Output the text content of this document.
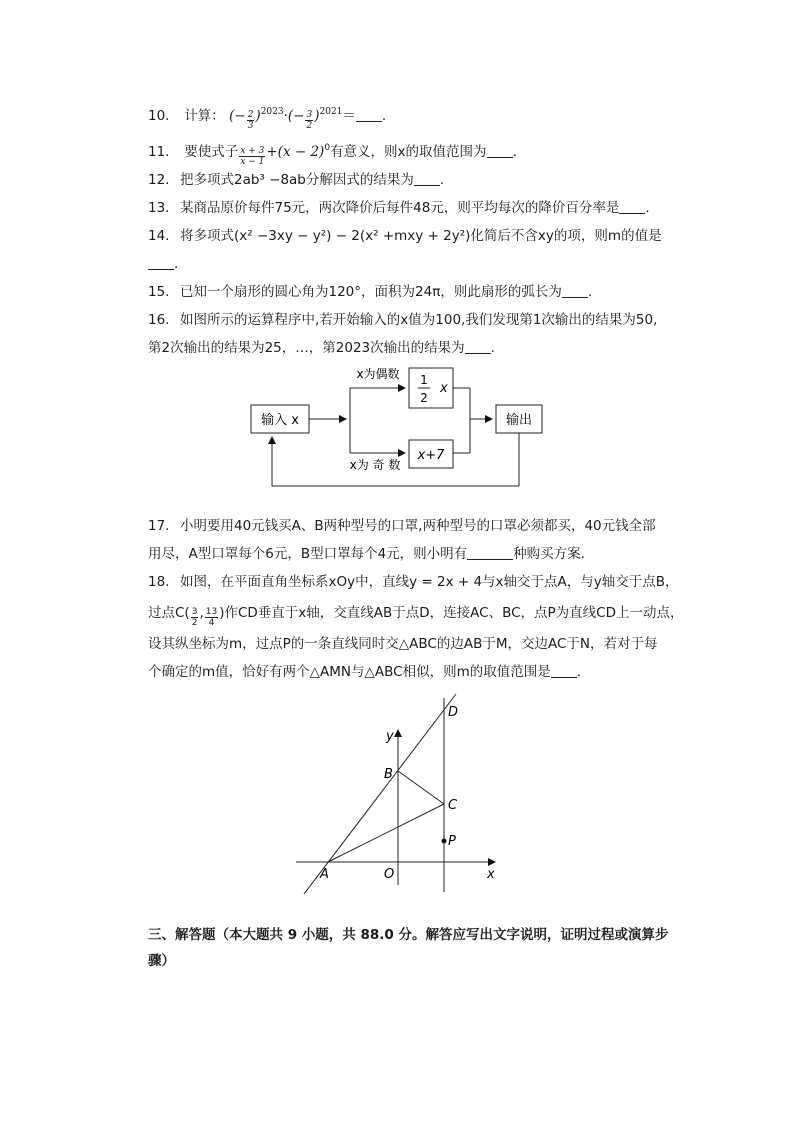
10. 计算： (− $\frac{2}{3} )^{2023}\cdot(- \frac{3}{2} )^{2021}=$ .
11. 要使式子 $\frac{x + 3}{x - 1} +(x - 2)^0$有意义，则x的取值范围为 .
12. 把多项式2ab³ −8ab分解因式的结果为 .
13. 某商品原价每件75元，两次降价后每件48元，则平均每次的降价百分率是 .
14. 将多项式(x² −3xy − y²) − 2(x² +mxy + 2y²)化简后不含xy的项，则m的值是
.
15. 已知一个扇形的圆心角为120°，面积为24π，则此扇形的弧长为 .
16. 如图所示的运算程序中,若开始输入的x值为100,我们发现第1次输出的结果为50,
第2次输出的结果为25，…，第2023次输出的结果为 .
输入 x
x为偶数 1
2
x
x为 奇 数
x+7
输出
17. 小明要用40元钱买A、B两种型号的口罩,两种型号的口罩必须都买，40元钱全部
用尽，A型口罩每个6元，B型口罩每个4元，则小明有	种购买方案.
18. 如图，在平面直角坐标系xOy中，直线y = 2x + 4与x轴交于点A，与y轴交于点B，
过点$C( \frac{3}{2}$ , $\frac{13}{4}$ )作CD垂直于x轴，交直线AB于点D，连接AC、BC，点P为直线CD上一动点，
设其纵坐标为m，过点P的一条直线同时交△ABC的边AB于M，交边AC于N，若对于每
个确定的m值，恰好有两个△AMN与△ABC相似，则m的取值范围是 .
A
B
C
D
P
O	x
y
三、解答题（本大题共 9 小题，共 88.0 分。解答应写出文字说明，证明过程或演算步
骤）
